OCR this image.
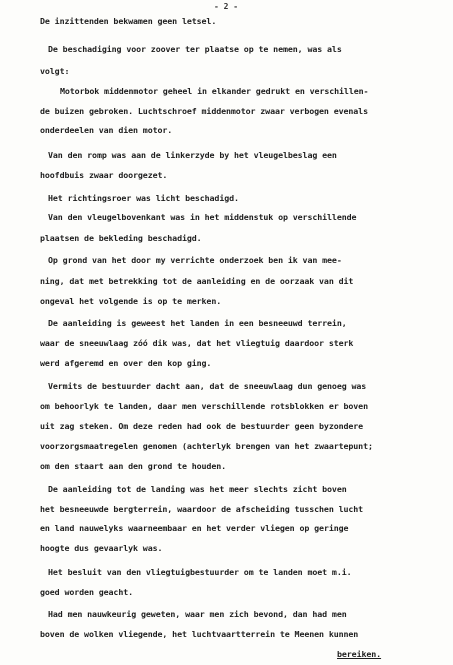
- 2 -
De inzittenden bekwamen geen letsel.
De beschadiging voor zoover ter plaatse op te nemen, was als
volgt:
Motorbok middenmotor geheel in elkander gedrukt en verschillen-
de buizen gebroken. Luchtschroef middenmotor zwaar verbogen evenals
onderdeelen van dien motor.
Van den romp was aan de linkerzyde by het vleugelbeslag een
hoofdbuis zwaar doorgezet.
Het richtingsroer was licht beschadigd.
Van den vleugelbovenkant was in het middenstuk op verschillende
plaatsen de bekleding beschadigd.
Op grond van het door my verrichte onderzoek ben ik van mee-
ning, dat met betrekking tot de aanleiding en de oorzaak van dit
ongeval het volgende is op te merken.
De aanleiding is geweest het landen in een besneeuwd terrein,
waar de sneeuwlaag zóó dik was, dat het vliegtuig daardoor sterk
werd afgeremd en over den kop ging.
Vermits de bestuurder dacht aan, dat de sneeuwlaag dun genoeg was
om behoorlyk te landen, daar men verschillende rotsblokken er boven
uit zag steken. Om deze reden had ook de bestuurder geen byzondere
voorzorgsmaatregelen genomen (achterlyk brengen van het zwaartepunt;
om den staart aan den grond te houden.
De aanleiding tot de landing was het meer slechts zicht boven
het besneeuwde bergterrein, waardoor de afscheiding tusschen lucht
en land nauwelyks waarneembaar en het verder vliegen op geringe
hoogte dus gevaarlyk was.
Het besluit van den vliegtuigbestuurder om te landen moet m.i.
goed worden geacht.
Had men nauwkeurig geweten, waar men zich bevond, dan had men
boven de wolken vliegende, het luchtvaartterrein te Meenen kunnen
bereiken.
